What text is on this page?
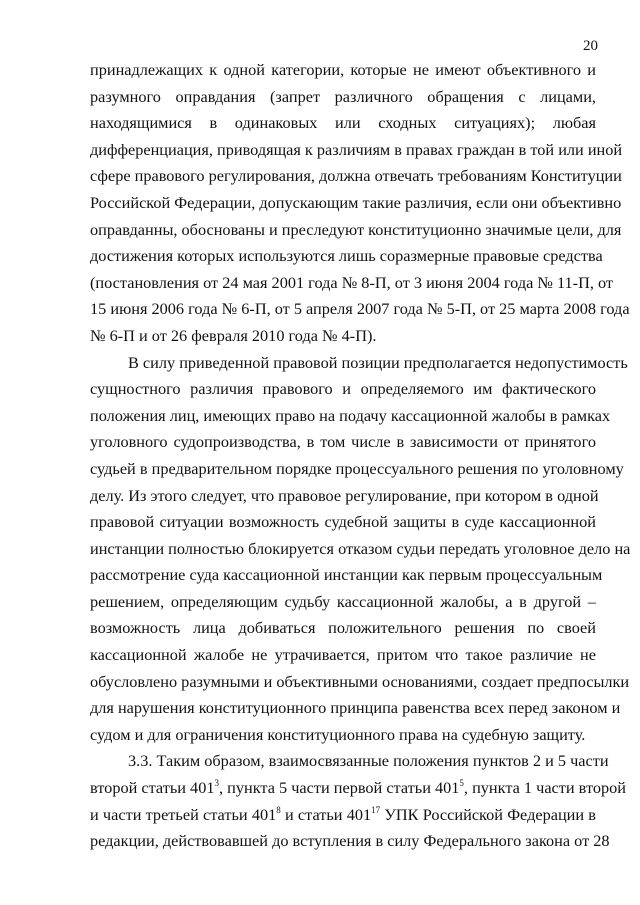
20
принадлежащих к одной категории, которые не имеют объективного и
разумного оправдания (запрет различного обращения с лицами,
находящимися в одинаковых или сходных ситуациях); любая
дифференциация, приводящая к различиям в правах граждан в той или иной
сфере правового регулирования, должна отвечать требованиям Конституции
Российской Федерации, допускающим такие различия, если они объективно
оправданны, обоснованы и преследуют конституционно значимые цели, для
достижения которых используются лишь соразмерные правовые средства
(постановления от 24 мая 2001 года № 8-П, от 3 июня 2004 года № 11-П, от
15 июня 2006 года № 6-П, от 5 апреля 2007 года № 5-П, от 25 марта 2008 года
№ 6-П и от 26 февраля 2010 года № 4-П).
В силу приведенной правовой позиции предполагается недопустимость
сущностного различия правового и определяемого им фактического
положения лиц, имеющих право на подачу кассационной жалобы в рамках
уголовного судопроизводства, в том числе в зависимости от принятого
судьей в предварительном порядке процессуального решения по уголовному
делу. Из этого следует, что правовое регулирование, при котором в одной
правовой ситуации возможность судебной защиты в суде кассационной
инстанции полностью блокируется отказом судьи передать уголовное дело на
рассмотрение суда кассационной инстанции как первым процессуальным
решением, определяющим судьбу кассационной жалобы, а в другой –
возможность лица добиваться положительного решения по своей
кассационной жалобе не утрачивается, притом что такое различие не
обусловлено разумными и объективными основаниями, создает предпосылки
для нарушения конституционного принципа равенства всех перед законом и
судом и для ограничения конституционного права на судебную защиту.
3.3. Таким образом, взаимосвязанные положения пунктов 2 и 5 части
второй статьи $401^3$, пункта 5 части первой статьи $401^5$, пункта 1 части второй
и части третьей статьи $401^8$ и статьи $401^{17}$ УПК Российской Федерации в
редакции, действовавшей до вступления в силу Федерального закона от 28
